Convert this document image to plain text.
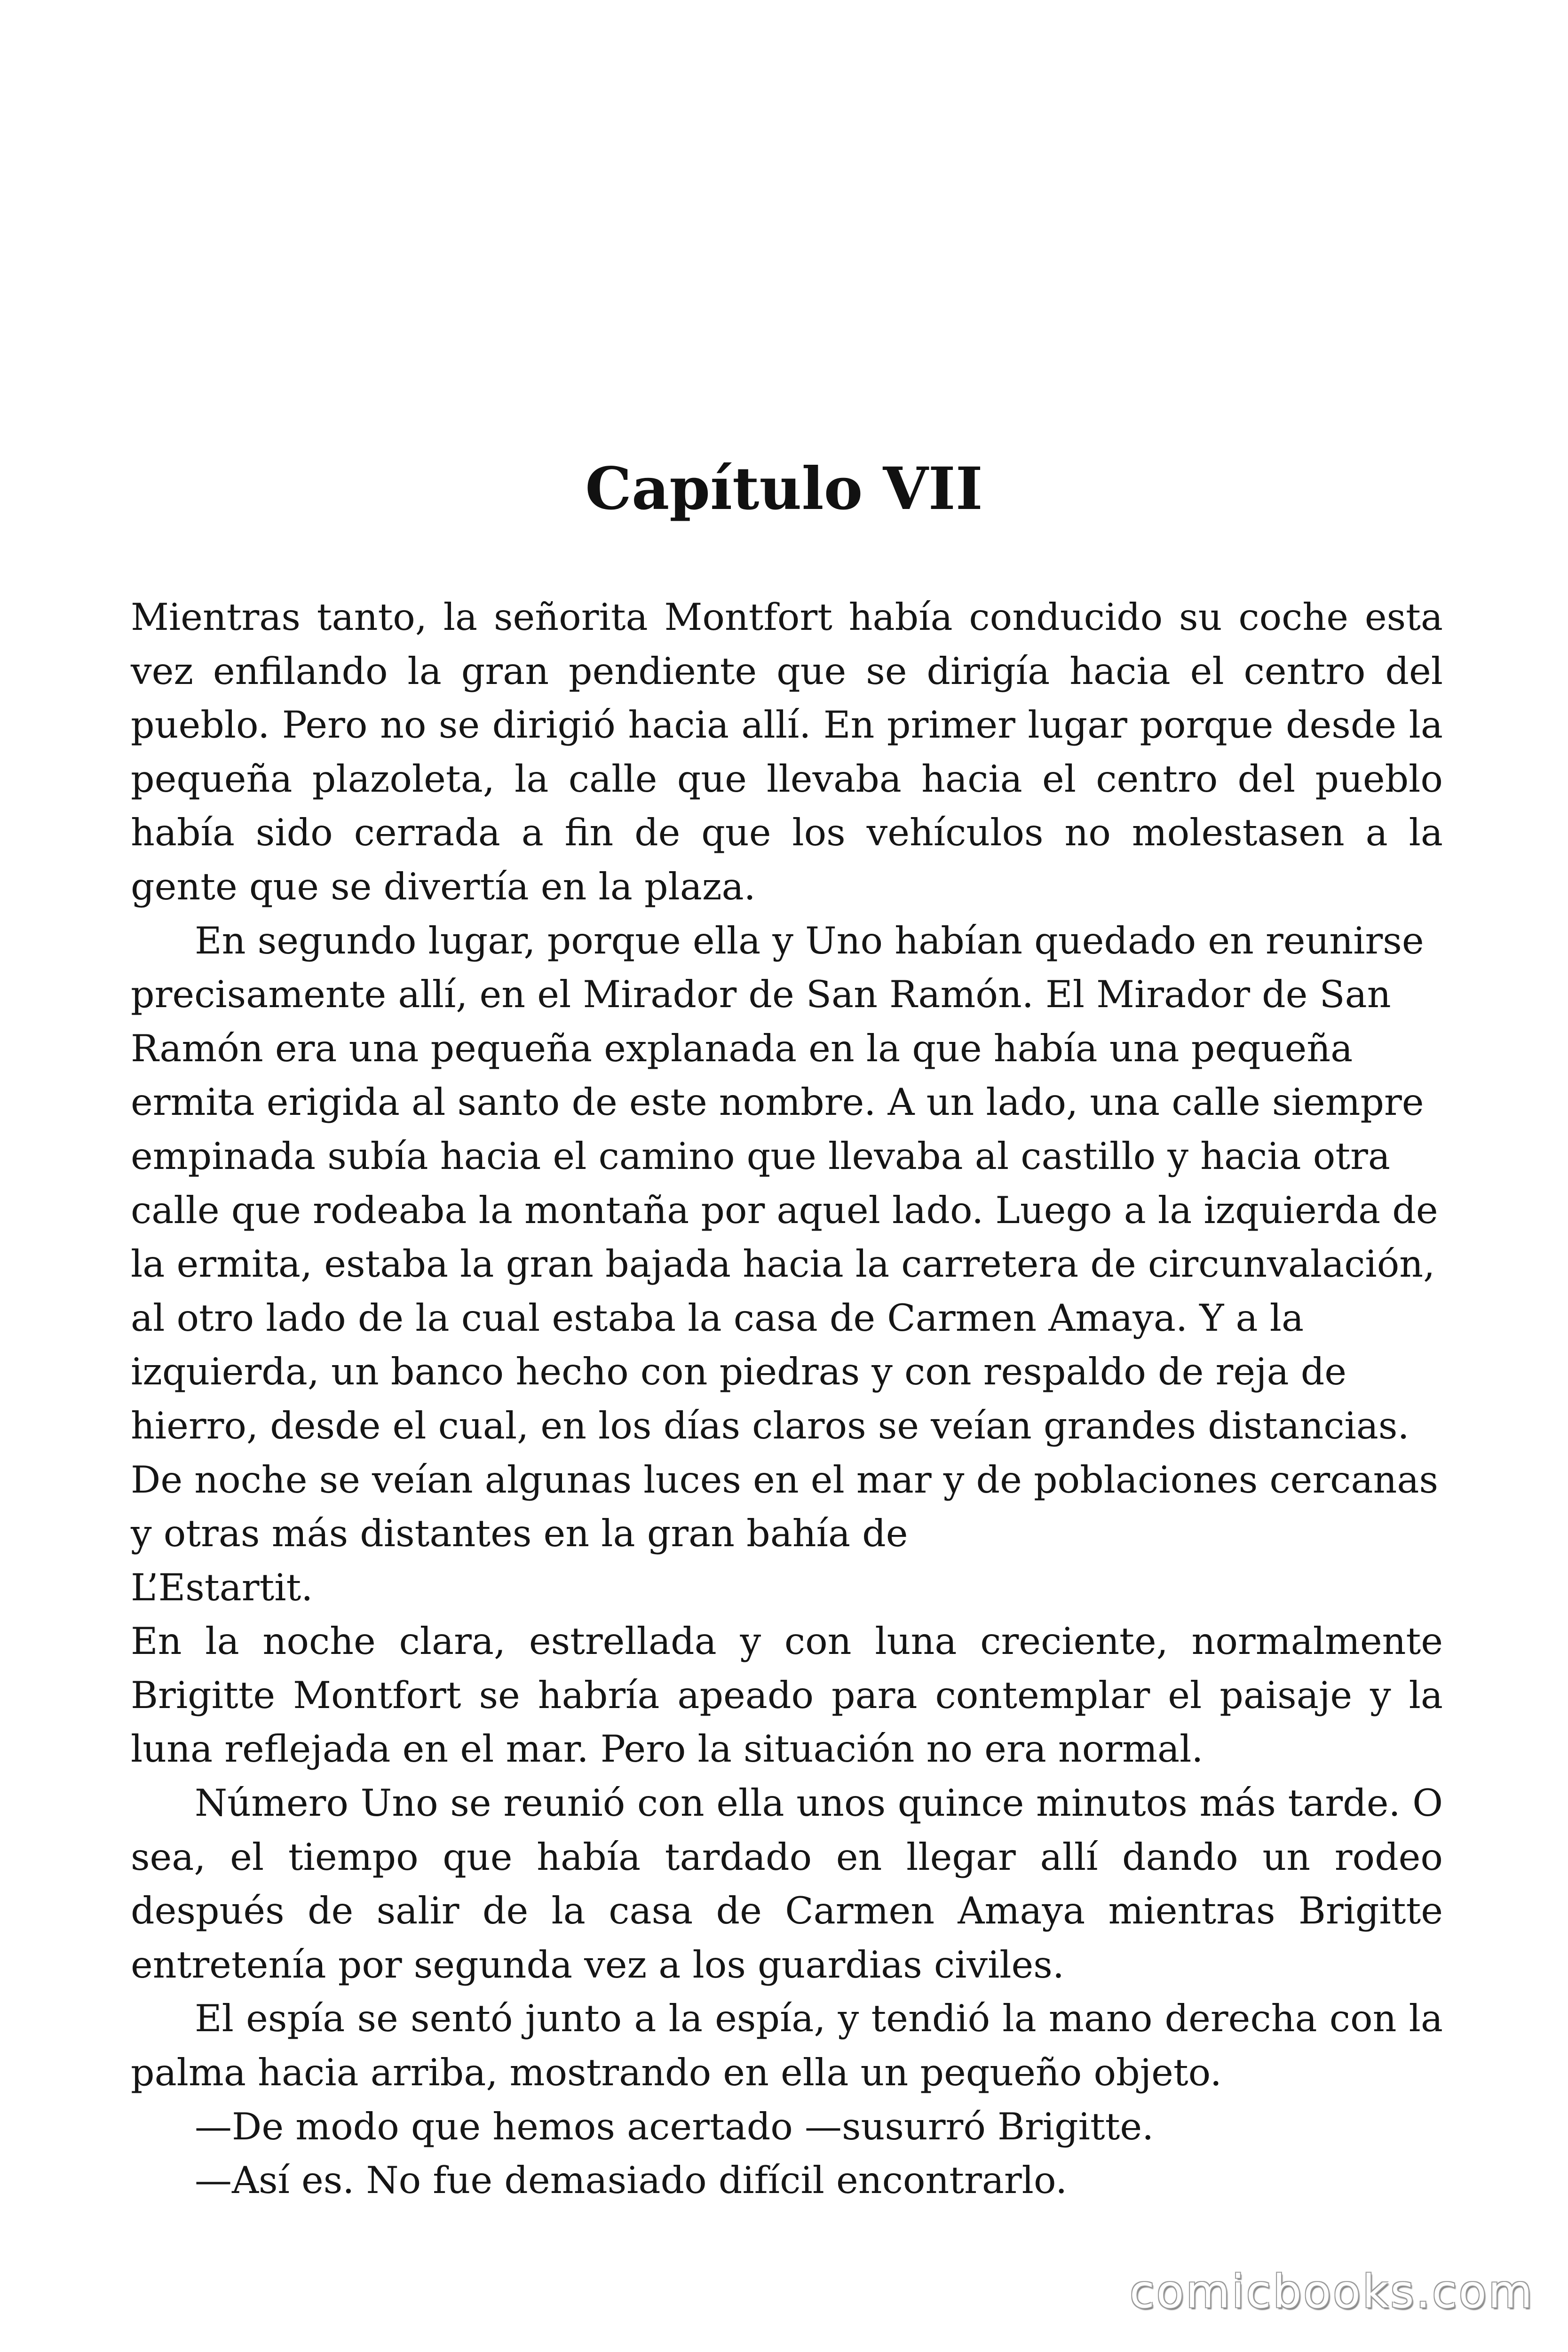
Capítulo VII

Mientras tanto, la señorita Montfort había conducido su coche esta vez enfilando la gran pendiente que se dirigía hacia el centro del pueblo. Pero no se dirigió hacia allí. En primer lugar porque desde la pequeña plazoleta, la calle que llevaba hacia el centro del pueblo había sido cerrada a fin de que los vehículos no molestasen a la gente que se divertía en la plaza.

En segundo lugar, porque ella y Uno habían quedado en reunirse precisamente allí, en el Mirador de San Ramón. El Mirador de San Ramón era una pequeña explanada en la que había una pequeña ermita erigida al santo de este nombre. A un lado, una calle siempre empinada subía hacia el camino que llevaba al castillo y hacia otra calle que rodeaba la montaña por aquel lado. Luego a la izquierda de la ermita, estaba la gran bajada hacia la carretera de circunvalación, al otro lado de la cual estaba la casa de Carmen Amaya. Y a la izquierda, un banco hecho con piedras y con respaldo de reja de hierro, desde el cual, en los días claros se veían grandes distancias. De noche se veían algunas luces en el mar y de poblaciones cercanas y otras más distantes en la gran bahía de

L’Estartit.

En la noche clara, estrellada y con luna creciente, normalmente Brigitte Montfort se habría apeado para contemplar el paisaje y la luna reflejada en el mar. Pero la situación no era normal.

Número Uno se reunió con ella unos quince minutos más tarde. O sea, el tiempo que había tardado en llegar allí dando un rodeo después de salir de la casa de Carmen Amaya mientras Brigitte entretenía por segunda vez a los guardias civiles.

El espía se sentó junto a la espía, y tendió la mano derecha con la palma hacia arriba, mostrando en ella un pequeño objeto.

—De modo que hemos acertado —susurró Brigitte.

—Así es. No fue demasiado difícil encontrarlo.

comicbooks.com
